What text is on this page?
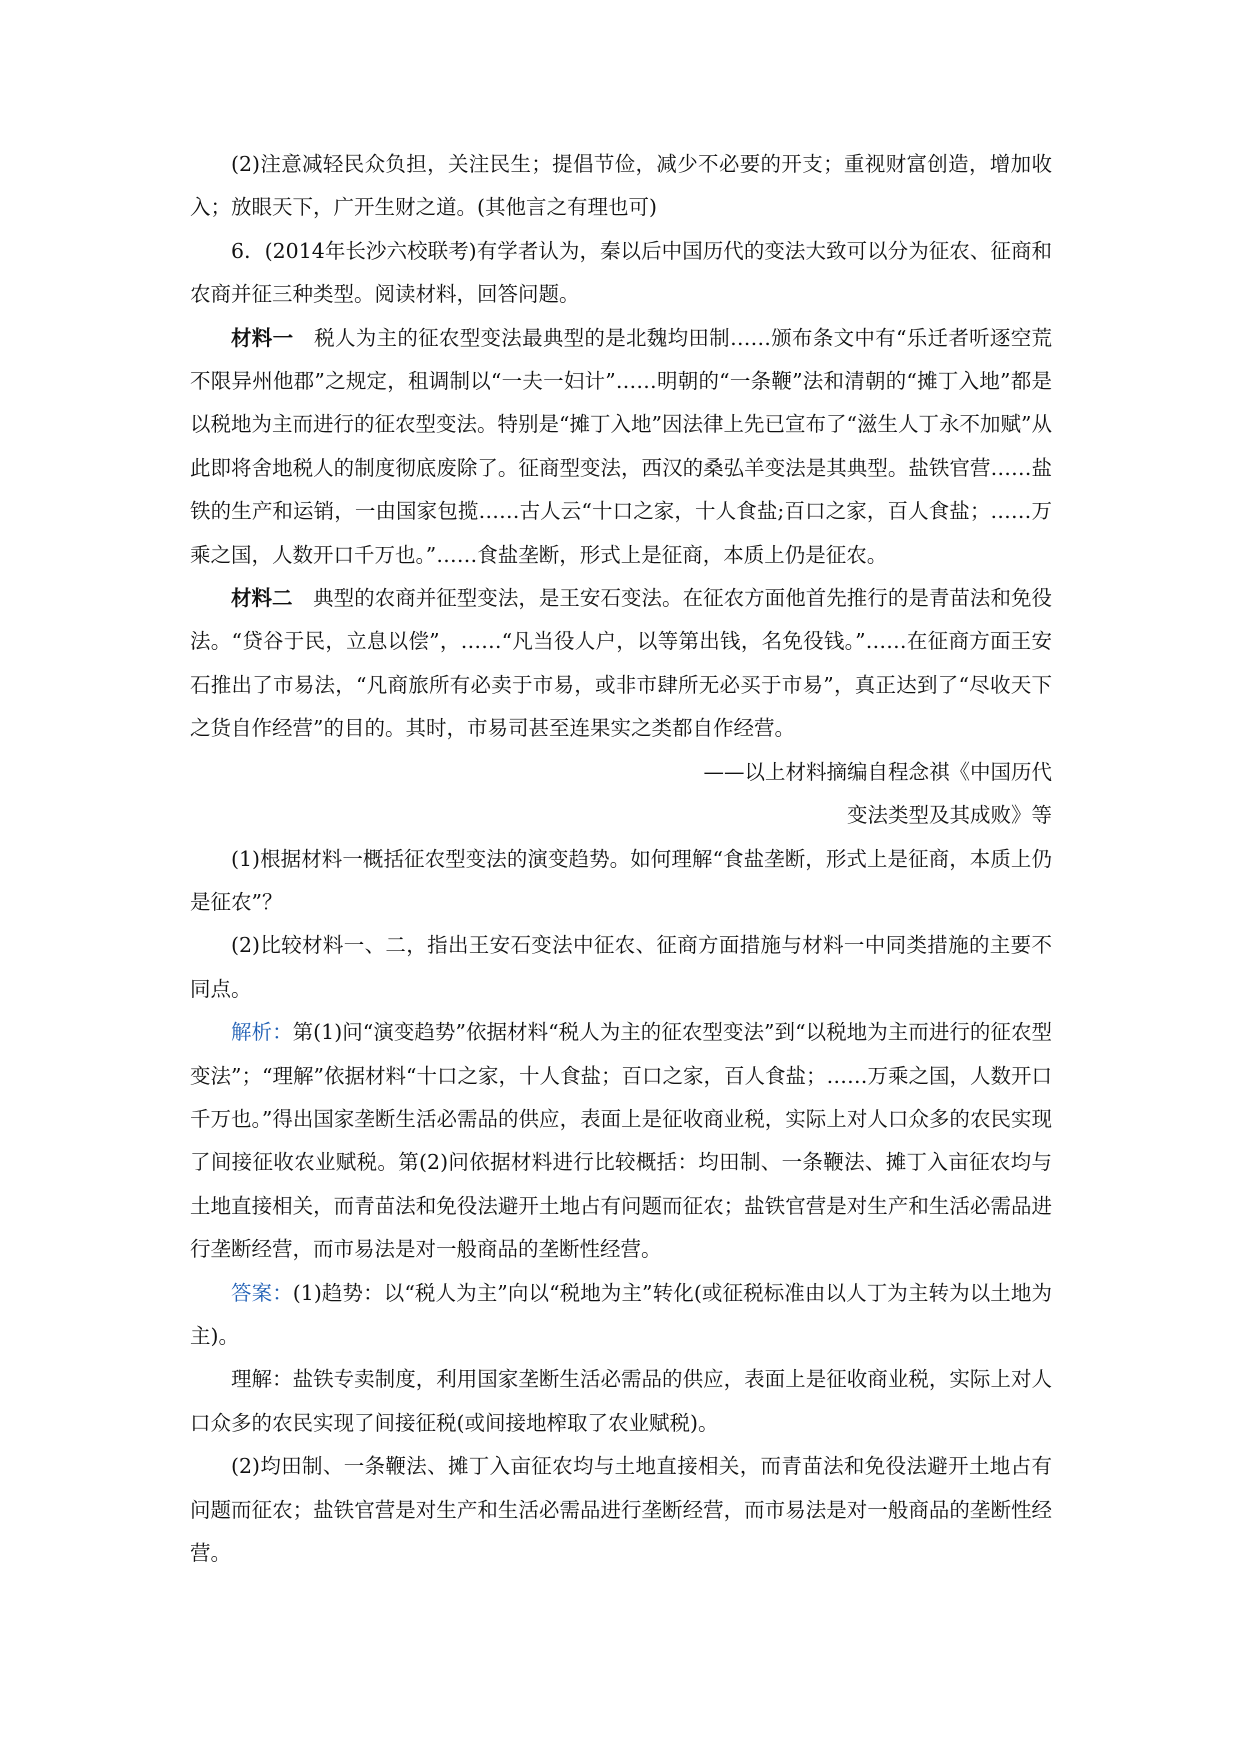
(2)注意减轻民众负担，关注民生；提倡节俭，减少不必要的开支；重视财富创造，增加收入；放眼天下，广开生财之道。(其他言之有理也可)

6．(2014年长沙六校联考)有学者认为，秦以后中国历代的变法大致可以分为征农、征商和农商并征三种类型。阅读材料，回答问题。

材料一　税人为主的征农型变法最典型的是北魏均田制……颁布条文中有“乐迁者听逐空荒不限异州他郡”之规定，租调制以“一夫一妇计”……明朝的“一条鞭”法和清朝的“摊丁入地”都是以税地为主而进行的征农型变法。特别是“摊丁入地”因法律上先已宣布了“滋生人丁永不加赋”从此即将舍地税人的制度彻底废除了。征商型变法，西汉的桑弘羊变法是其典型。盐铁官营……盐铁的生产和运销，一由国家包揽……古人云“十口之家，十人食盐;百口之家，百人食盐；……万乘之国，人数开口千万也。”……食盐垄断，形式上是征商，本质上仍是征农。

材料二　典型的农商并征型变法，是王安石变法。在征农方面他首先推行的是青苗法和免役法。“贷谷于民，立息以偿”，……“凡当役人户，以等第出钱，名免役钱。”……在征商方面王安石推出了市易法，“凡商旅所有必卖于市易，或非市肆所无必买于市易”，真正达到了“尽收天下之货自作经营”的目的。其时，市易司甚至连果实之类都自作经营。

——以上材料摘编自程念祺《中国历代

变法类型及其成败》等

(1)根据材料一概括征农型变法的演变趋势。如何理解“食盐垄断，形式上是征商，本质上仍是征农”？

(2)比较材料一、二，指出王安石变法中征农、征商方面措施与材料一中同类措施的主要不同点。

解析：第(1)问“演变趋势”依据材料“税人为主的征农型变法”到“以税地为主而进行的征农型变法”；“理解”依据材料“十口之家，十人食盐；百口之家，百人食盐；……万乘之国，人数开口千万也。”得出国家垄断生活必需品的供应，表面上是征收商业税，实际上对人口众多的农民实现了间接征收农业赋税。第(2)问依据材料进行比较概括：均田制、一条鞭法、摊丁入亩征农均与土地直接相关，而青苗法和免役法避开土地占有问题而征农；盐铁官营是对生产和生活必需品进行垄断经营，而市易法是对一般商品的垄断性经营。

答案：(1)趋势：以“税人为主”向以“税地为主”转化(或征税标准由以人丁为主转为以土地为主)。

理解：盐铁专卖制度，利用国家垄断生活必需品的供应，表面上是征收商业税，实际上对人口众多的农民实现了间接征税(或间接地榨取了农业赋税)。

(2)均田制、一条鞭法、摊丁入亩征农均与土地直接相关，而青苗法和免役法避开土地占有问题而征农；盐铁官营是对生产和生活必需品进行垄断经营，而市易法是对一般商品的垄断性经营。
